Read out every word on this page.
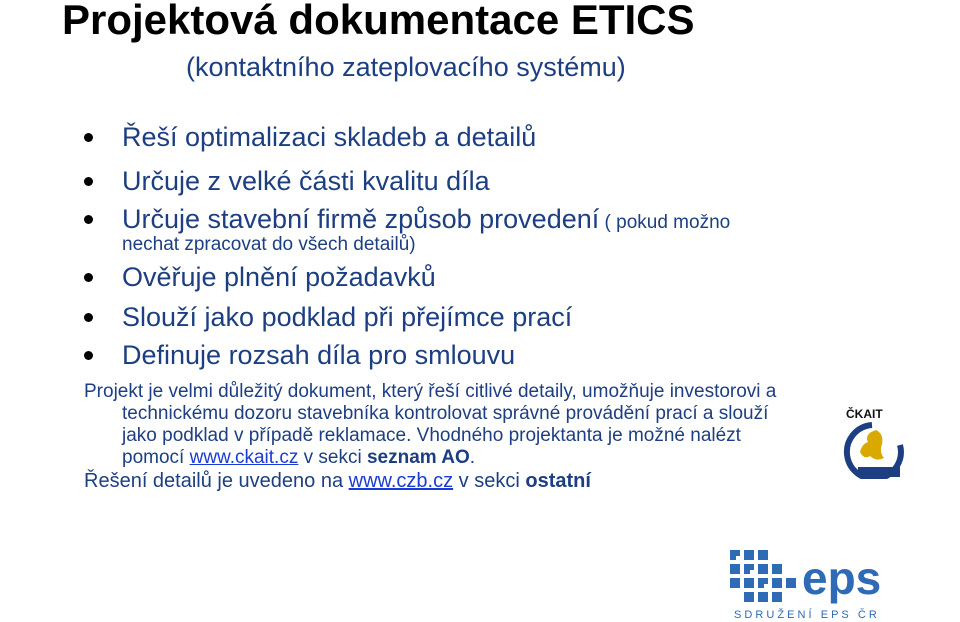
Projektová dokumentace ETICS
(kontaktního zateplovacího systému)
Řeší optimalizaci skladeb a detailů
Určuje z velké části kvalitu díla
Určuje stavební firmě způsob provedení ( pokud možno
nechat zpracovat do všech detailů)
Ověřuje plnění požadavků
Slouží jako podklad při přejímce prací
Definuje rozsah díla pro smlouvu
Projekt je velmi důležitý dokument, který řeší citlivé detaily, umožňuje investorovi a
technickému dozoru stavebníka kontrolovat správné provádění prací a slouží
jako podklad v případě reklamace. Vhodného projektanta je možné nalézt
pomocí www.ckait.cz v sekci seznam AO.
Řešení detailů je uvedeno na www.czb.cz v sekci ostatní
ČKAIT
eps
S D R U Ž E N Í   E P S   Č R
